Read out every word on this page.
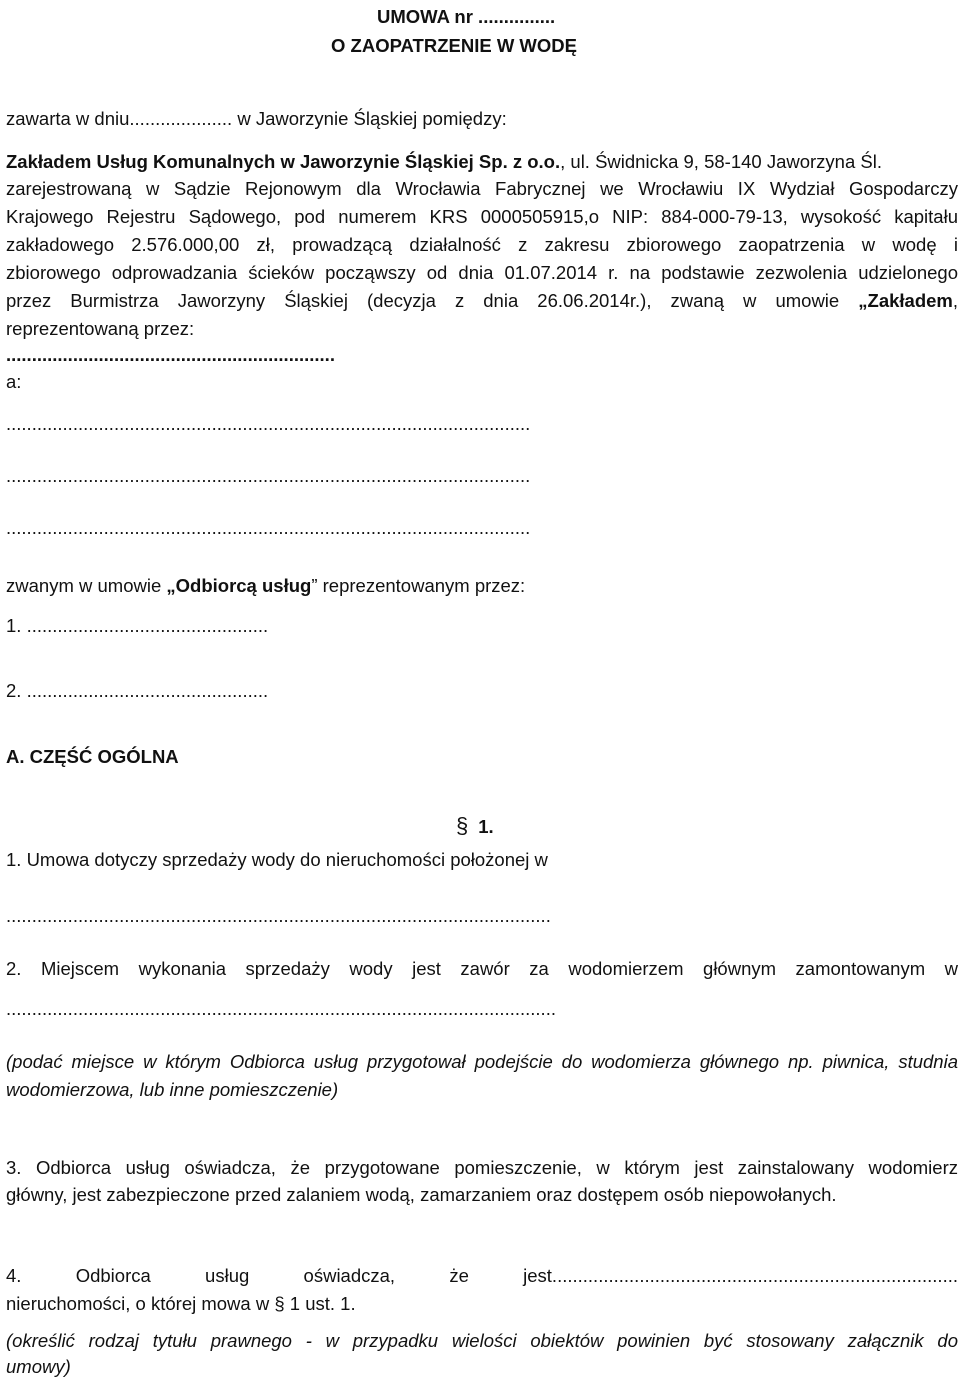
UMOWA nr ...............
O ZAOPATRZENIE W WODĘ
zawarta w dniu.................... w Jaworzynie Śląskiej pomiędzy:
Zakładem Usług Komunalnych w Jaworzynie Śląskiej Sp. z o.o., ul. Świdnicka 9, 58-140 Jaworzyna Śl.
zarejestrowaną w Sądzie Rejonowym dla Wrocławia Fabrycznej we Wrocławiu IX Wydział Gospodarczy
Krajowego Rejestru Sądowego, pod numerem KRS 0000505915,o NIP: 884-000-79-13, wysokość kapitału
zakładowego 2.576.000,00 zł, prowadzącą działalność z zakresu zbiorowego zaopatrzenia w wodę i
zbiorowego odprowadzania ścieków począwszy od dnia 01.07.2014 r. na podstawie zezwolenia udzielonego
przez Burmistrza Jaworzyny Śląskiej (decyzja z dnia 26.06.2014r.), zwaną w umowie „Zakładem,
reprezentowaną przez:
................................................................
a:
......................................................................................................
......................................................................................................
......................................................................................................
zwanym w umowie „Odbiorcą usług” reprezentowanym przez:
1. ...............................................
2. ...............................................
A. CZĘŚĆ OGÓLNA
§ 1.
1. Umowa dotyczy sprzedaży wody do nieruchomości położonej w
..........................................................................................................
2. Miejscem wykonania sprzedaży wody jest zawór za wodomierzem głównym zamontowanym w
...........................................................................................................
(podać miejsce w którym Odbiorca usług przygotował podejście do wodomierza głównego np. piwnica, studnia
wodomierzowa, lub inne pomieszczenie)
3. Odbiorca usług oświadcza, że przygotowane pomieszczenie, w którym jest zainstalowany wodomierz
główny, jest zabezpieczone przed zalaniem wodą, zamarzaniem oraz dostępem osób niepowołanych.
4. Odbiorca usług oświadcza, że jest...............................................................................
nieruchomości, o której mowa w § 1 ust. 1.
(określić rodzaj tytułu prawnego - w przypadku wielości obiektów powinien być stosowany załącznik do
umowy)
